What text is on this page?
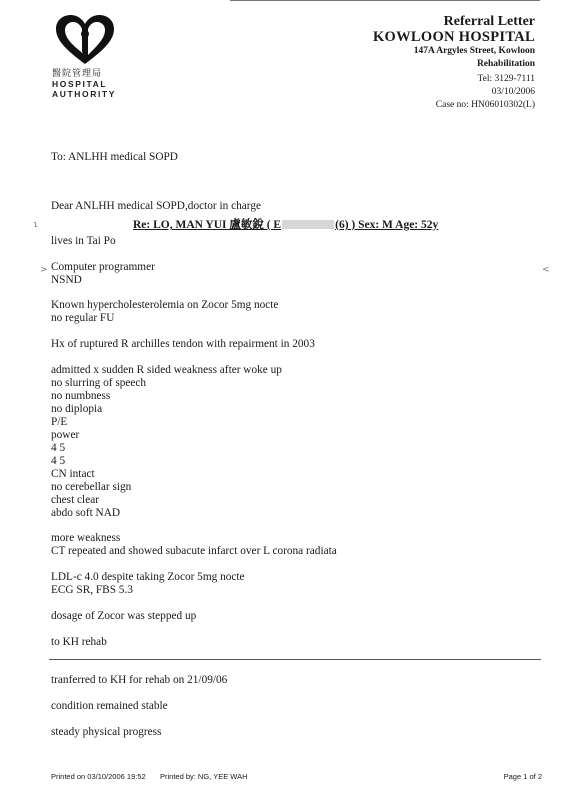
醫院管理局
HOSPITAL
AUTHORITY
Referral Letter
KOWLOON HOSPITAL
147A Argyles Street, Kowloon
Rehabilitation
Tel: 3129-7111
03/10/2006
Case no: HN06010302(L)
To: ANLHH medical SOPD
Dear ANLHH medical SOPD,doctor in charge
Re: LO, MAN YUI 盧敏銳 ( E	(6) ) Sex: M Age: 52y
lives in Tai Po
Computer programmer
NSND
Known hypercholesterolemia on Zocor 5mg nocte
no regular FU
Hx of ruptured R archilles tendon with repairment in 2003
admitted x sudden R sided weakness after woke up
no slurring of speech
no numbness
no diplopia
P/E
power
4 5
4 5
CN intact
no cerebellar sign
chest clear
abdo soft NAD
more weakness
CT repeated and showed subacute infarct over L corona radiata
LDL-c 4.0 despite taking Zocor 5mg nocte
ECG SR, FBS 5.3
dosage of Zocor was stepped up
to KH rehab
tranferred to KH for rehab on 21/09/06
condition remained stable
steady physical progress
ɿ
>	<
Printed on 03/10/2006 19:52 Printed by: NG, YEE WAH	Page 1 of 2
